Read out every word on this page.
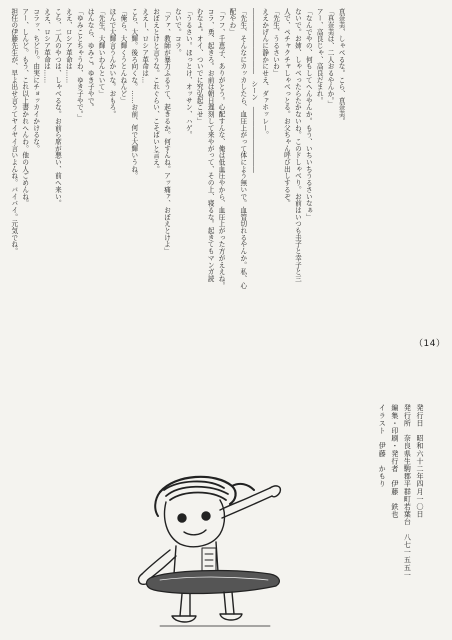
真奈美、しゃべるな。こら、真奈美。
「真奈美は、二人おるやんか。」
アー、高良じゃ、高良だまれ。
「なんでやの、何もしてへんやんか。もう、いちいちうるさいなぁ」
ないで。お姉、しゃべったらたかないわ。このドしゃべり。お前はいつも圭子と幸子と三
人で、ペチャクチャしゃべっとる。お父ちゃん呼び出しするぞ。
「先生、うるさいわ」
ええかげんに静かにせえ、ダァホッレー。
――――――――――　シーン　――――――――――
「先生、そんなにカッカしたら、血圧上がって体によう無いで。血管切れるやんか。私、心
配やわ」
「フフ、千恵子、ありがとう。心配すんな、俺は低血圧やから、血圧上がった方がええね。
コラ、勇、起きろ。お前は朝日遅刻して来やがって、その上、寝るな。起きてもマンガ読
むなよ。オイ、ついでに究弘起こせ」
「うるさい。ほっとけ、オッサン、ハゲ。
ないで。コラ。
「アァ、教師が暴力ふるうて、起きるか。何すんね。アッ痛ァ、おぼえとけよ」
おぼえとけと言うな。これぐらい、こそばいと言え。
ええー、ロシア革命は…
こら、大輝。後ろ向くな。……お前、何で大輝いうね。
「俺ら、大輝くうとんねんど」
ほんで大輝言うんかいな。おもろ。
「先生、大輝いわんといて」
はんなら、ゆみこ。ゆき子やで。
「ゆみことちゃうわ、ゆき子やで。」
ええ、ロシア革命は……
こら、二人のやつは、しゃべるな。お前ら席が悪い、前へ来い。
ええ、ロシア革命は……
コラッ、ちどり。由実にチョッカイかけるな。
アー、しんど。もう、これ以上書かれへんわ。他の人ごめんね。
担任の伊藤先生が、早よ出せ言うてヤイヤイ言いよんね。バイバイ。元気でね。
（14）
発行日　昭和六十二年四月一〇日
発行所　奈良県生駒郡平群町若葉台　八七一五五一
編集・印刷・発行者　伊藤　鉄也
イラスト　伊藤　かもり
